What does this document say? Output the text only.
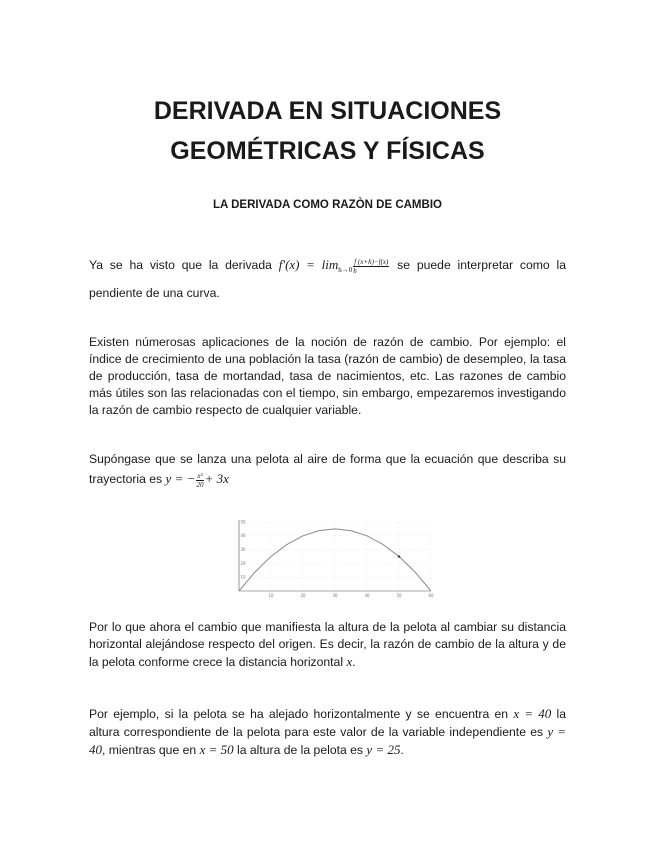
DERIVADA EN SITUACIONES
GEOMÉTRICAS Y FÍSICAS
LA DERIVADA COMO RAZÒN DE CAMBIO
Ya se ha visto que la derivada $f'(x) = \lim_{h\to 0} \frac{f (x+h)-f(x)}{h}$ se puede interpretar como la
pendiente de una curva.
Existen númerosas aplicaciones de la noción de razón de cambio. Por ejemplo: el índice de crecimiento de una población la tasa (razón de cambio) de desempleo, la tasa de producción, tasa de mortandad, tasa de nacimientos, etc. Las razones de cambio más útiles son las relacionadas con el tiempo, sin embargo, empezaremos investigando la razón de cambio respecto de cualquier variable.
Supóngase que se lanza una pelota al aire de forma que la ecuación que describa su
trayectoria es y = − $\frac{\text{x²}}{20} + 3x$
10	20	30	40	50	60
10
20
30
40
50
Por lo que ahora el cambio que manifiesta la altura de la pelota al cambiar su distancia horizontal alejándose respecto del origen. Es decir, la razón de cambio de la altura y de la pelota conforme crece la distancia horizontal x.
Por ejemplo, si la pelota se ha alejado horizontalmente y se encuentra en x = 40 la altura correspondiente de la pelota para este valor de la variable independiente es y = 40, mientras que en x = 50 la altura de la pelota es y = 25.
